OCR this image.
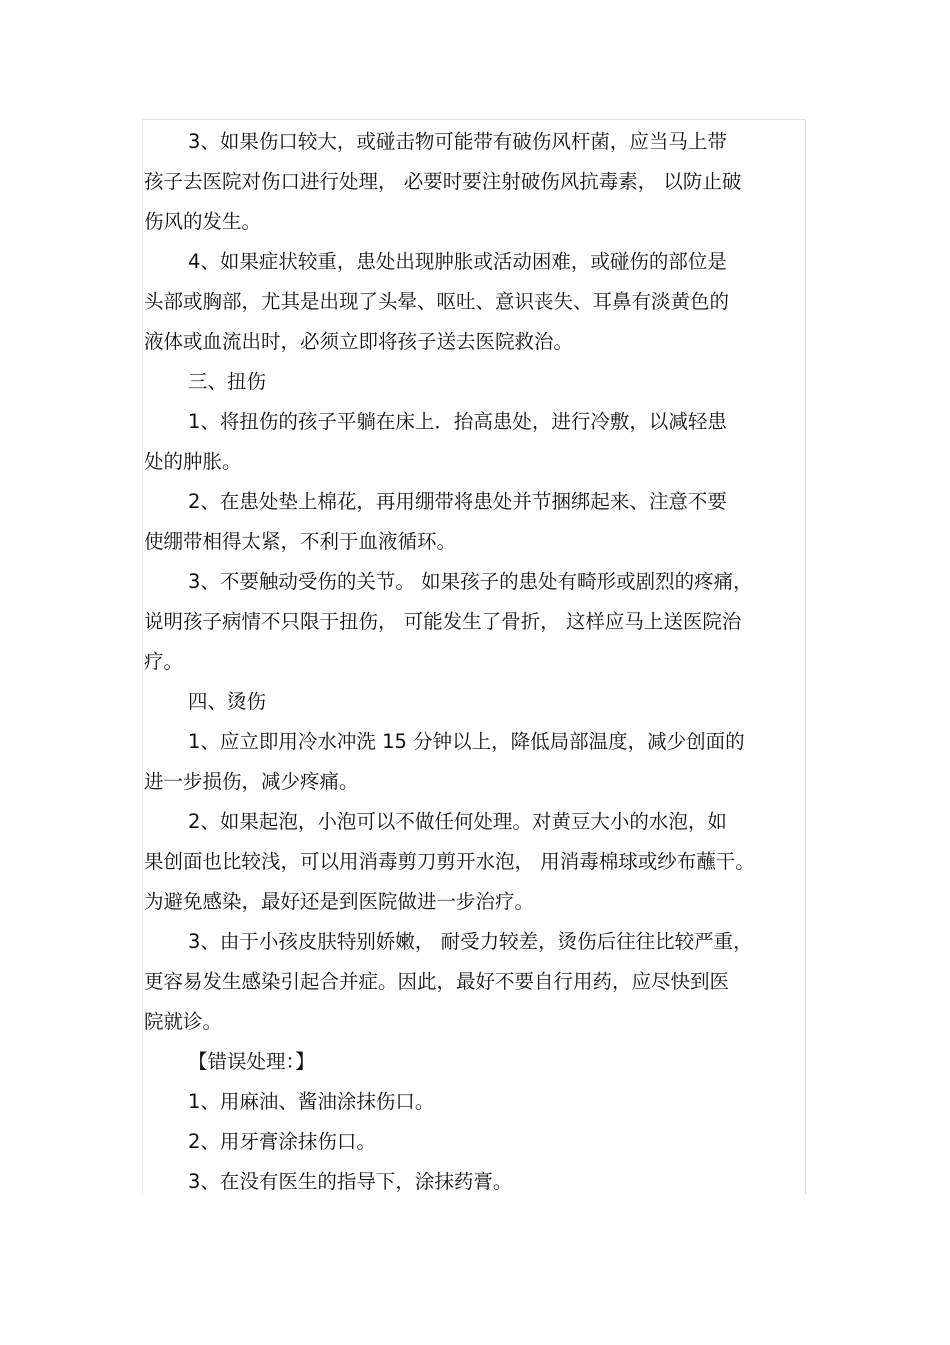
3、如果伤口较大，或碰击物可能带有破伤风杆菌，应当马上带
孩子去医院对伤口进行处理， 必要时要注射破伤风抗毒素， 以防止破
伤风的发生。
4、如果症状较重，患处出现肿胀或活动困难，或碰伤的部位是
头部或胸部，尤其是出现了头晕、呕吐、意识丧失、耳鼻有淡黄色的
液体或血流出时，必须立即将孩子送去医院救治。
三、扭伤
1、将扭伤的孩子平躺在床上．抬高患处，进行冷敷，以减轻患
处的肿胀。
2、在患处垫上棉花，再用绷带将患处并节捆绑起来、注意不要
使绷带相得太紧，不利于血液循环。
3、不要触动受伤的关节。 如果孩子的患处有畸形或剧烈的疼痛，
说明孩子病情不只限于扭伤， 可能发生了骨折， 这样应马上送医院治
疗。
四、烫伤
1、应立即用冷水冲洗 15 分钟以上，降低局部温度，减少创面的
进一步损伤，减少疼痛。
2、如果起泡，小泡可以不做任何处理。对黄豆大小的水泡，如
果创面也比较浅，可以用消毒剪刀剪开水泡， 用消毒棉球或纱布蘸干。
为避免感染，最好还是到医院做进一步治疗。
3、由于小孩皮肤特别娇嫩， 耐受力较差，烫伤后往往比较严重，
更容易发生感染引起合并症。因此，最好不要自行用药，应尽快到医
院就诊。
【错误处理：】
1、用麻油、酱油涂抹伤口。
2、用牙膏涂抹伤口。
3、在没有医生的指导下，涂抹药膏。
